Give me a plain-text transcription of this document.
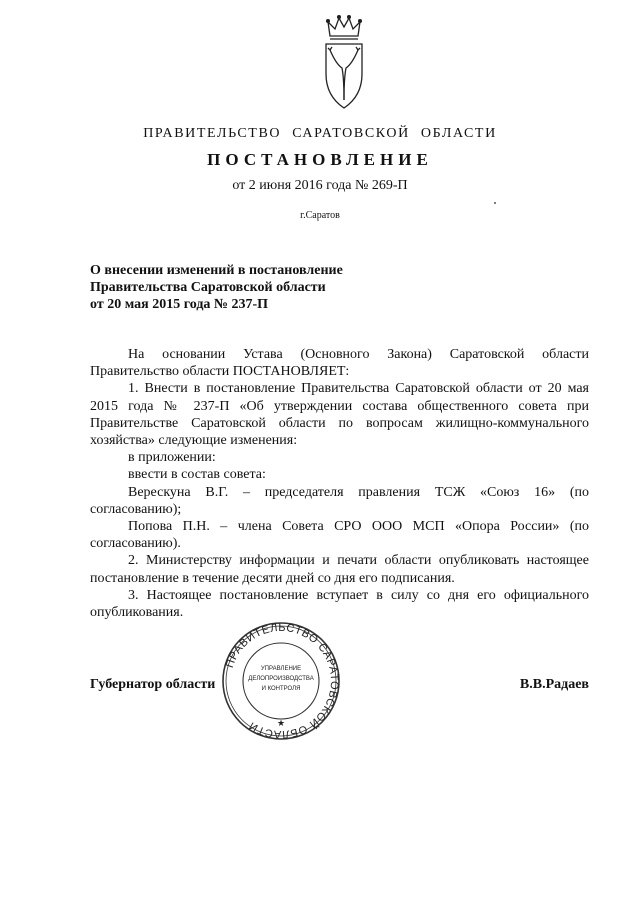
ПРАВИТЕЛЬСТВО САРАТОВСКОЙ ОБЛАСТИ
ПОСТАНОВЛЕНИЕ
от 2 июня 2016 года № 269-П
г.Саратов
О внесении изменений в постановление
Правительства Саратовской области
от 20 мая 2015 года № 237-П

На основании Устава (Основного Закона) Саратовской области Правительство области ПОСТАНОВЛЯЕТ:

1. Внести в постановление Правительства Саратовской области от 20 мая 2015 года № 237-П «Об утверждении состава общественного совета при Правительстве Саратовской области по вопросам жилищно-коммунального хозяйства» следующие изменения:

в приложении:

ввести в состав совета:

Верескуна В.Г. – председателя правления ТСЖ «Союз 16» (по согласованию);

Попова П.Н. – члена Совета СРО ООО МСП «Опора России» (по согласованию).

2. Министерству информации и печати области опубликовать настоящее постановление в течение десяти дней со дня его подписания.

3. Настоящее постановление вступает в силу со дня его официального опубликования.

Губернатор области	В.В.Радаев
ПРАВИТЕЛЬСТВО САРАТОВСКОЙ ОБЛАСТИ
УПРАВЛЕНИЕ
ДЕЛОПРОИЗВОДСТВА
И КОНТРОЛЯ
★
